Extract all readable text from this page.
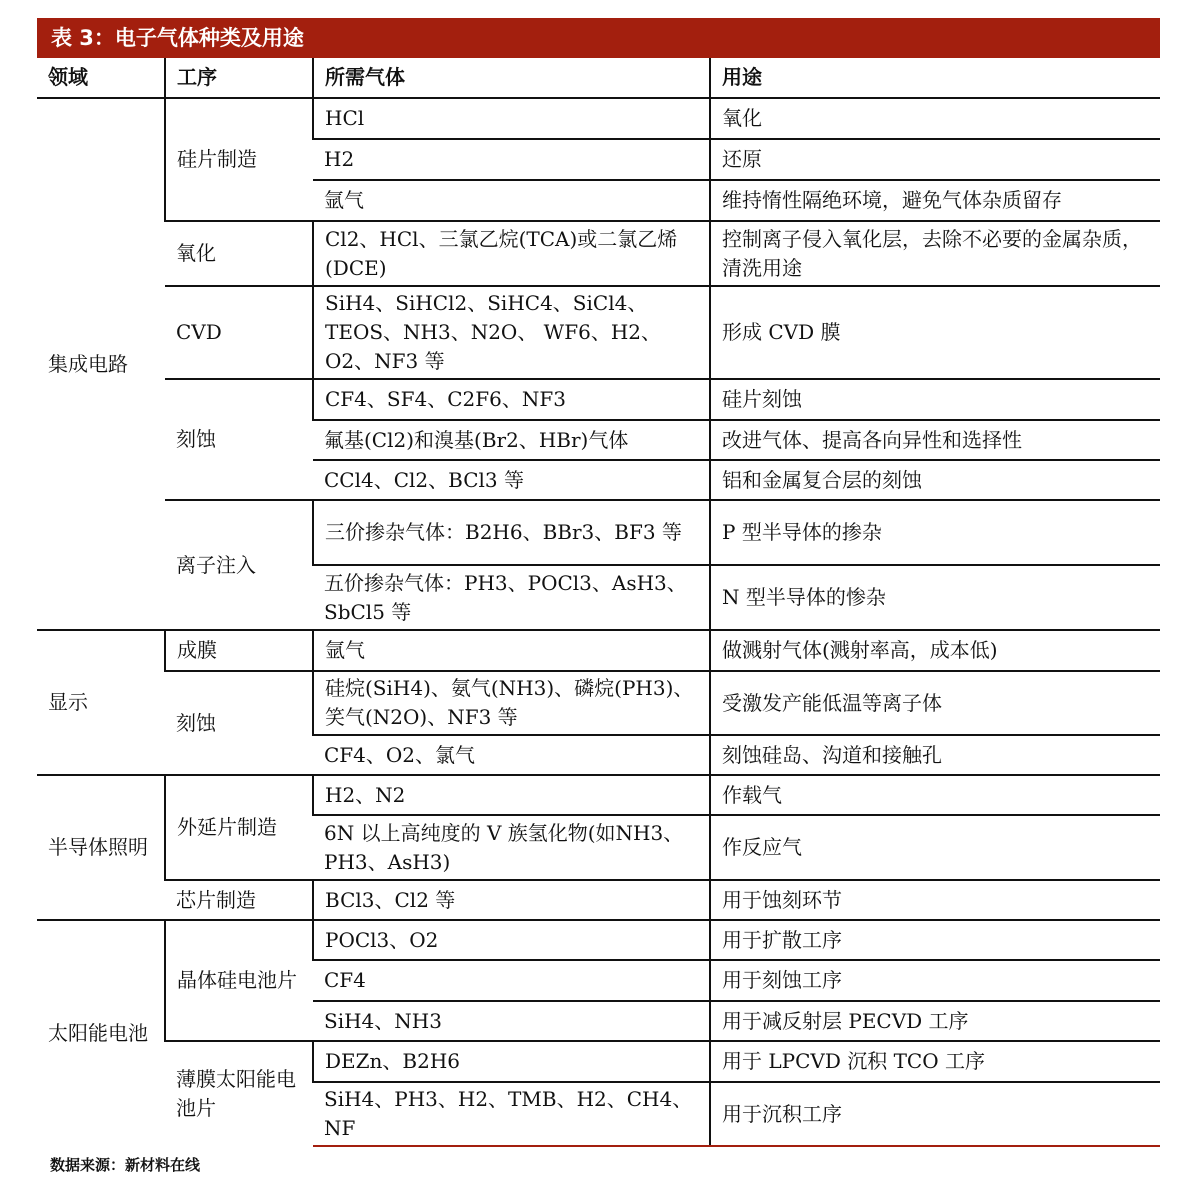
表 3：电子气体种类及用途
领域	工序	所需气体	用途
集成电路	硅片制造	HCl	氧化
		H2	还原
		氩气	维持惰性隔绝环境，避免气体杂质留存
	氧化	Cl2、HCl、三氯乙烷(TCA)或二氯乙烯(DCE)	控制离子侵入氧化层，去除不必要的金属杂质，清洗用途
	CVD	SiH4、SiHCl2、SiHC4、SiCl4、TEOS、NH3、N2O、 WF6、H2、O2、NF3 等	形成 CVD 膜
	刻蚀	CF4、SF4、C2F6、NF3	硅片刻蚀
		氟基(Cl2)和溴基(Br2、HBr)气体	改进气体、提高各向异性和选择性
		CCl4、Cl2、BCl3 等	铝和金属复合层的刻蚀
	离子注入	三价掺杂气体：B2H6、BBr3、BF3 等	P 型半导体的掺杂
		五价掺杂气体：PH3、POCl3、AsH3、SbCl5 等	N 型半导体的惨杂
显示	成膜	氩气	做溅射气体(溅射率高，成本低)
	刻蚀	硅烷(SiH4)、氨气(NH3)、磷烷(PH3)、笑气(N2O)、NF3 等	受激发产能低温等离子体
		CF4、O2、氯气	刻蚀硅岛、沟道和接触孔
半导体照明	外延片制造	H2、N2	作载气
		6N 以上高纯度的 V 族氢化物(如NH3、PH3、AsH3)	作反应气
	芯片制造	BCl3、Cl2 等	用于蚀刻环节
太阳能电池	晶体硅电池片	POCl3、O2	用于扩散工序
		CF4	用于刻蚀工序
		SiH4、NH3	用于减反射层 PECVD 工序
	薄膜太阳能电池片	DEZn、B2H6	用于 LPCVD 沉积 TCO 工序
		SiH4、PH3、H2、TMB、H2、CH4、NF	用于沉积工序
数据来源：新材料在线
